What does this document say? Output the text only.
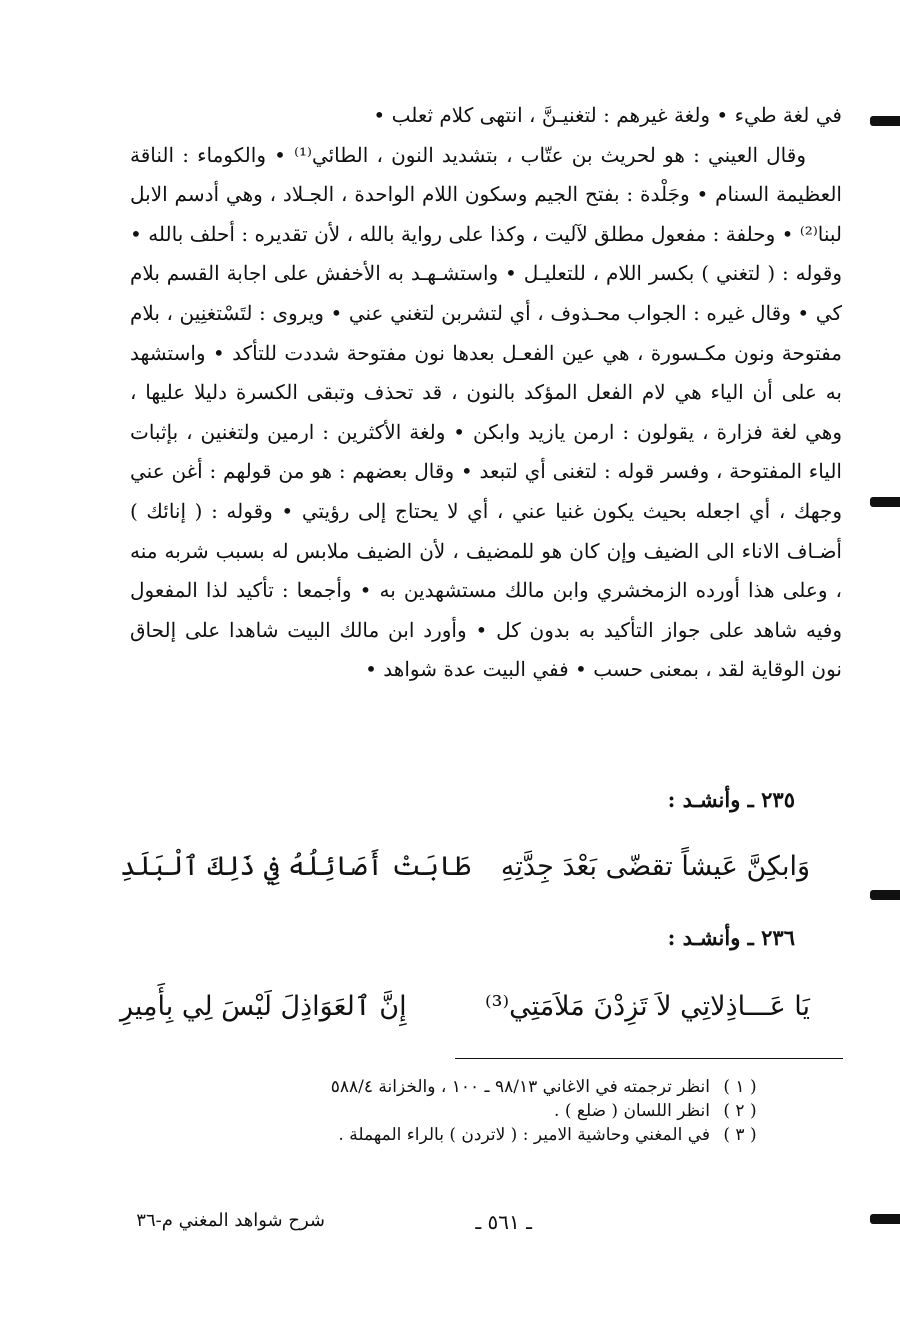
في لغة طيء • ولغة غيرهم : لتغنيـنَّ ، انتهى كلام ثعلب •

وقال العيني : هو لحريث بن عتّاب ، بتشديد النون ، الطائي⁽¹⁾ • والكوماء : الناقة العظيمة السنام • وجَلْدة : بفتح الجيم وسكون اللام الواحدة ، الجـلاد ، وهي أدسم الابل لبنا⁽²⁾ • وحلفة : مفعول مطلق لآليت ، وكذا على رواية بالله ، لأن تقديره : أحلف بالله • وقوله : ( لتغني ) بكسر اللام ، للتعليـل • واستشـهـد به الأخفش على اجابة القسم بلام كي • وقال غيره : الجواب محـذوف ، أي لتشربن لتغني عني • ويروى : لتَسْتغنِين ، بلام مفتوحة ونون مكـسورة ، هي عين الفعـل بعدها نون مفتوحة شددت للتأكد • واستشهد به على أن الياء هي لام الفعل المؤكد بالنون ، قد تحذف وتبقى الكسرة دليلا عليها ، وهي لغة فزارة ، يقولون : ارمن يازيد وابكن • ولغة الأكثرين : ارمين ولتغنين ، بإثبات الياء المفتوحة ، وفسر قوله : لتغنى أي لتبعد • وقال بعضهم : هو من قولهم : أغن عني وجهك ، أي اجعله بحيث يكون غنيا عني ، أي لا يحتاج إلى رؤيتي • وقوله : ( إنائك ) أضـاف الاناء الى الضيف وإن كان هو للمضيف ، لأن الضيف ملابس له بسبب شربه منه ، وعلى هذا أورده الزمخشري وابن مالك مستشهدين به • وأجمعا : تأكيد لذا المفعول وفيه شاهد على جواز التأكيد به بدون كل • وأورد ابن مالك البيت شاهدا على إلحاق نون الوقاية لقد ، بمعنى حسب • ففي البيت عدة شواهد •

٢٣٥ ـ وأنشـد :
وَابكِنَّ عَيشاً تقضّى بَعْدَ جِدَّتِهِ
طَابَتْ أَصَائِلُهُ فِي ذَلِكَ ٱلْبَلَدِ
٢٣٦ ـ وأنشـد :
يَا عَـــاذِلاتِي لاَ تَزِدْنَ مَلاَمَتِي⁽³⁾
إِنَّ ٱلعَوَاذِلَ لَيْسَ لِي بِأَمِيرِ
( ١ )
انظر ترجمته في الاغاني ٩٨/١٣ ـ ١٠٠ ، والخزانة ٥٨٨/٤
( ٢ )
انظر اللسان ( ضلع ) .
( ٣ )
في المغني وحاشية الامير : ( لاتردن ) بالراء المهملة .
ـ ٥٦١ ـ
شرح شواهد المغني م-٣٦
